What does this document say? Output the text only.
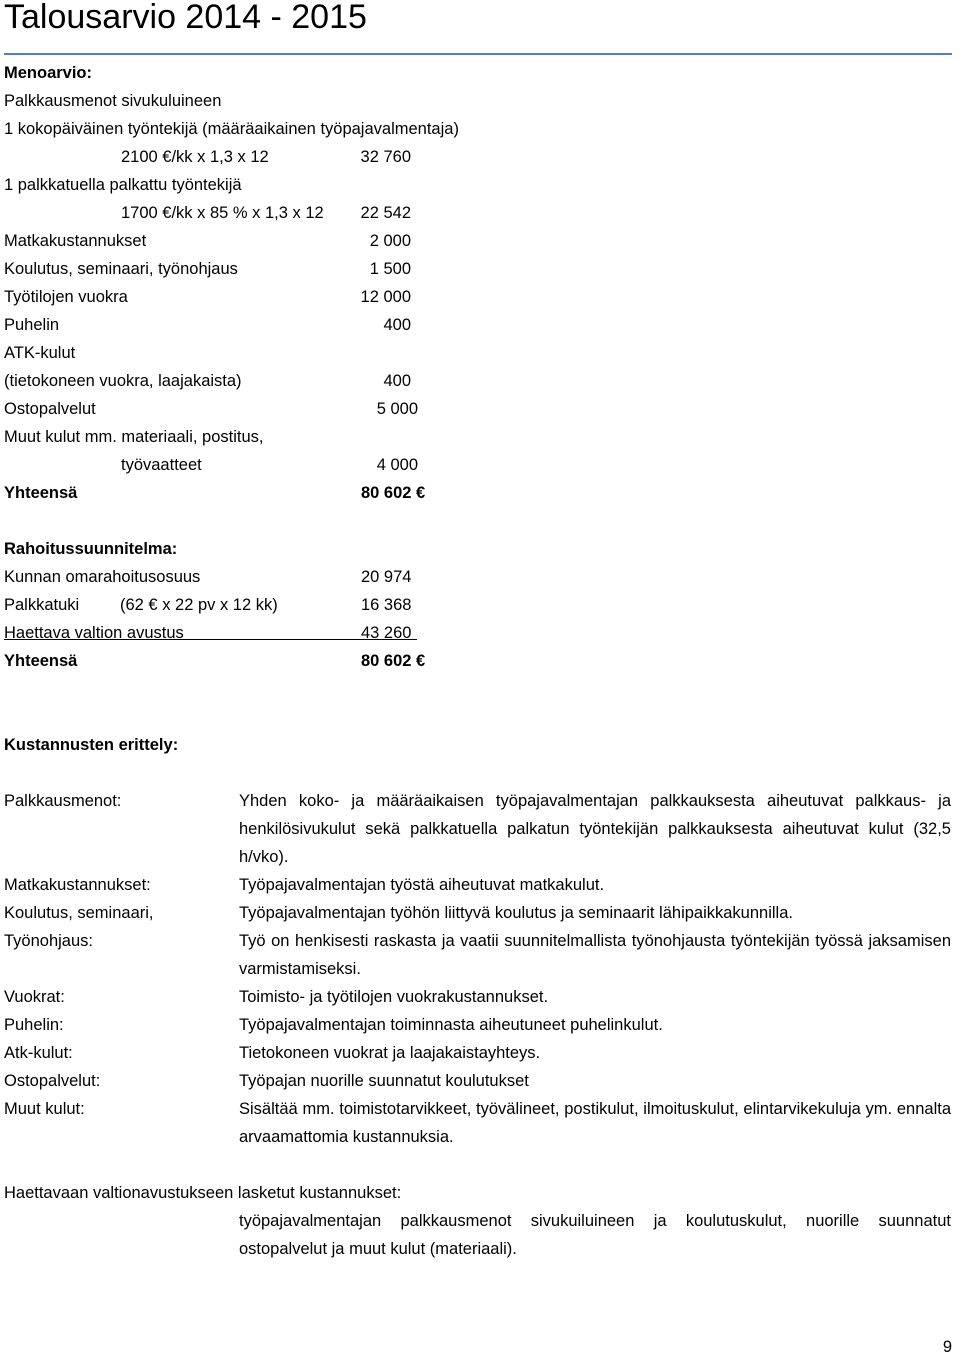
Talousarvio 2014 - 2015
Menoarvio:
Palkkausmenot sivukuluineen
1 kokopäiväinen työntekijä (määräaikainen työpajavalmentaja)
2100 €/kk x 1,3 x 12	32 760
1 palkkatuella palkattu työntekijä
1700 €/kk x 85 % x 1,3 x 12	22 542
Matkakustannukset	2 000
Koulutus, seminaari, työnohjaus	1 500
Työtilojen vuokra	12 000
Puhelin	400
ATK-kulut
(tietokoneen vuokra, laajakaista)	400
Ostopalvelut	5 000
Muut kulut mm. materiaali, postitus,
työvaatteet	4 000
Yhteensä	80 602 €
Rahoitussuunnitelma:
Kunnan omarahoitusosuus	20 974
Palkkatuki (62 € x 22 pv x 12 kk)	16 368
Haettava valtion avustus	43 260
Yhteensä	80 602 €
Kustannusten erittely:
Palkkausmenot:	Yhden koko- ja määräaikaisen työpajavalmentajan palkkauksesta aiheutuvat palkkaus- ja henkilösivukulut sekä palkkatuella palkatun työntekijän palkkauksesta aiheutuvat kulut (32,5 h/vko).
Matkakustannukset:	Työpajavalmentajan työstä aiheutuvat matkakulut.
Koulutus, seminaari,	Työpajavalmentajan työhön liittyvä koulutus ja seminaarit lähipaikkakunnilla.
Työnohjaus:	Työ on henkisesti raskasta ja vaatii suunnitelmallista työnohjausta työntekijän työssä jaksamisen varmistamiseksi.
Vuokrat:	Toimisto- ja työtilojen vuokrakustannukset.
Puhelin:	Työpajavalmentajan toiminnasta aiheutuneet puhelinkulut.
Atk-kulut:	Tietokoneen vuokrat ja laajakaistayhteys.
Ostopalvelut:	Työpajan nuorille suunnatut koulutukset
Muut kulut:	Sisältää mm. toimistotarvikkeet, työvälineet, postikulut, ilmoituskulut, elintarvikekuluja ym. ennalta arvaamattomia kustannuksia.
Haettavaan valtionavustukseen lasketut kustannukset:
työpajavalmentajan palkkausmenot sivukuiluineen ja koulutuskulut, nuorille suunnatut ostopalvelut ja muut kulut (materiaali).
9
